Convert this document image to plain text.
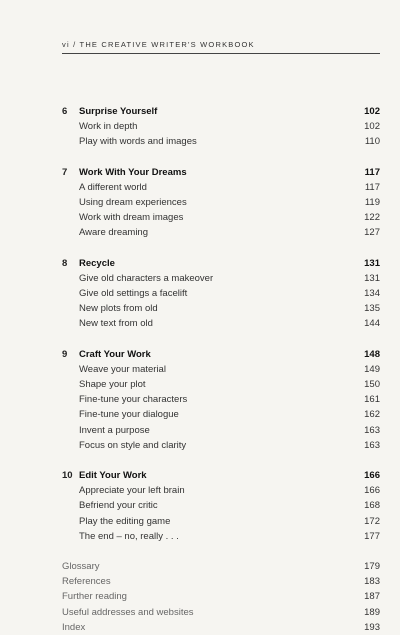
vi / THE CREATIVE WRITER'S WORKBOOK
6	Surprise Yourself	102
Work in depth	102
Play with words and images	110
7	Work With Your Dreams	117
A different world	117
Using dream experiences	119
Work with dream images	122
Aware dreaming	127
8	Recycle	131
Give old characters a makeover	131
Give old settings a facelift	134
New plots from old	135
New text from old	144
9	Craft Your Work	148
Weave your material	149
Shape your plot	150
Fine-tune your characters	161
Fine-tune your dialogue	162
Invent a purpose	163
Focus on style and clarity	163
10 Edit Your Work	166
Appreciate your left brain	166
Befriend your critic	168
Play the editing game	172
The end – no, really . . .	177
Glossary	179
References	183
Further reading	187
Useful addresses and websites	189
Index	193
